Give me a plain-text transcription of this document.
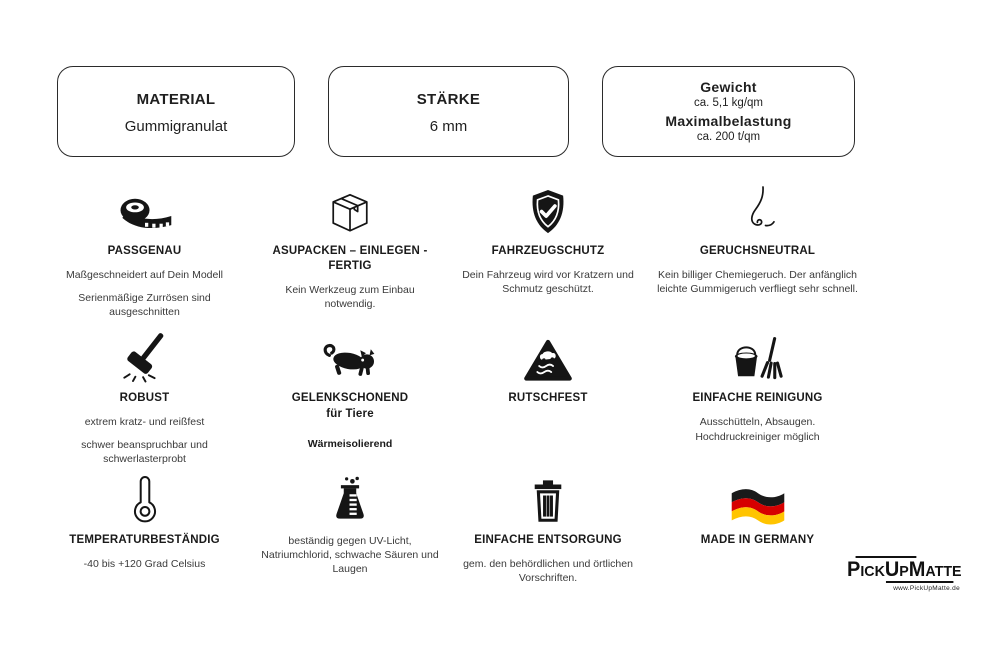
MATERIAL
Gummigranulat
STÄRKE
6 mm
Gewicht
ca. 5,1 kg/qm
Maximalbelastung
ca. 200 t/qm
PASSGENAU

Maßgeschneidert auf Dein Modell

Serienmäßige Zurrösen sind ausgeschnitten

ASUPACKEN – EINLEGEN - FERTIG

Kein Werkzeug zum Einbau notwendig.

FAHRZEUGSCHUTZ

Dein Fahrzeug wird vor Kratzern und Schmutz geschützt.

GERUCHSNEUTRAL

Kein billiger Chemiegeruch. Der anfänglich leichte Gummigeruch verfliegt sehr schnell.

ROBUST

extrem kratz- und reißfest

schwer beanspruchbar und schwerlasterprobt

GELENKSCHONEND
für Tiere

Wärmeisolierend

RUTSCHFEST	EINFACHE REINIGUNG

Ausschütteln, Absaugen.

Hochdruckreiniger möglich

TEMPERATURBESTÄNDIG

-40 bis +120 Grad Celsius

beständig gegen UV-Licht, Natriumchlorid, schwache Säuren und Laugen

EINFACHE ENTSORGUNG

gem. den behördlichen und örtlichen Vorschriften.

MADE IN GERMANY
PickUpMatte
www.PickUpMatte.de
